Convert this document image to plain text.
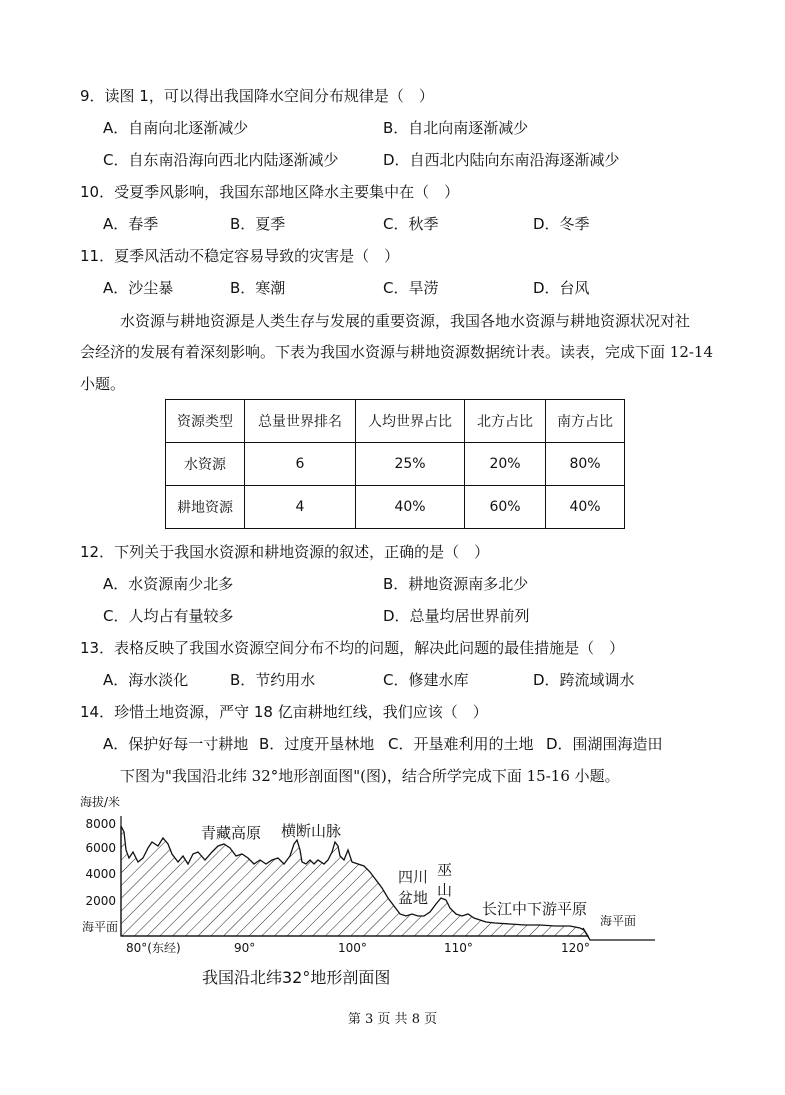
9．读图 1，可以得出我国降水空间分布规律是（　）
A．自南向北逐渐减少	B．自北向南逐渐减少
C．自东南沿海向西北内陆逐渐减少	D．自西北内陆向东南沿海逐渐减少
10．受夏季风影响，我国东部地区降水主要集中在（　）
A．春季	B．夏季	C．秋季	D．冬季
11．夏季风活动不稳定容易导致的灾害是（　）
A．沙尘暴	B．寒潮	C．旱涝	D．台风
水资源与耕地资源是人类生存与发展的重要资源，我国各地水资源与耕地资源状况对社
会经济的发展有着深刻影响。下表为我国水资源与耕地资源数据统计表。读表，完成下面 12-14
小题。
资源类型	总量世界排名	人均世界占比	北方占比	南方占比
水资源	6	25%	20%	80%
耕地资源	4	40%	60%	40%
12．下列关于我国水资源和耕地资源的叙述，正确的是（　）
A．水资源南少北多	B．耕地资源南多北少
C．人均占有量较多	D．总量均居世界前列
13．表格反映了我国水资源空间分布不均的问题，解决此问题的最佳措施是（　）
A．海水淡化	B．节约用水	C．修建水库	D．跨流域调水
14．珍惜土地资源，严守 18 亿亩耕地红线，我们应该（　）
A．保护好每一寸耕地 B．过度开垦林地 C．开垦难利用的土地 D．围湖围海造田
下图为"我国沿北纬 32°地形剖面图"(图)，结合所学完成下面 15-16 小题。
海拔/米
8000
6000
4000
2000
海平面
80°(东经)	90°	100°	110°	120°
青藏高原 横断山脉
四川
盆地
巫
山
长江中下游平原
海平面
我国沿北纬32°地形剖面图
第 3 页 共 8 页
